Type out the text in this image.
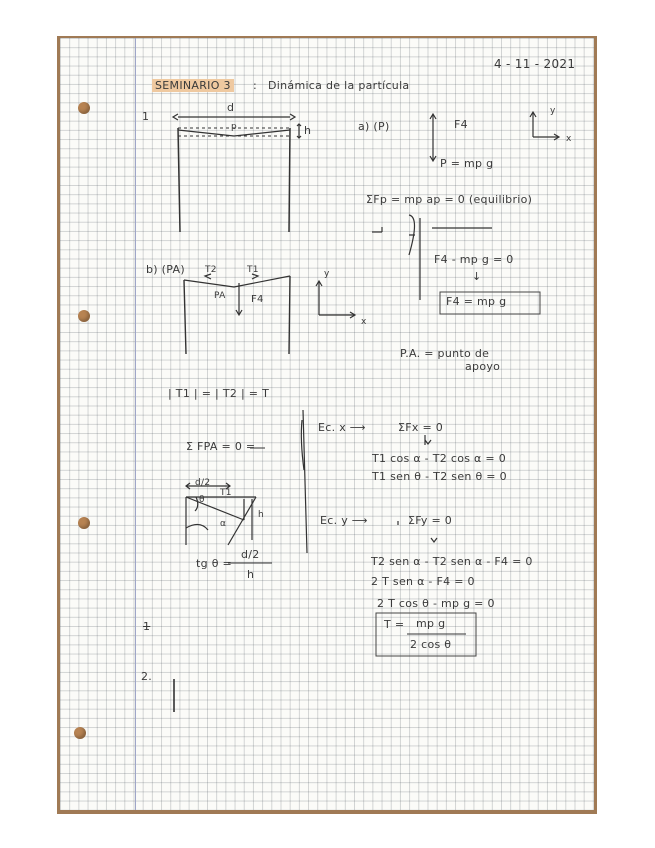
4 - 11 - 2021
SEMINARIO 3 : Dinámica de la partícula
1
d
h
p	a) (P)	F4
y
x
P = mp g
ΣFp = mp ap = 0 (equilibrio)
F4 - mp g = 0
↓
F4 = mp g
b) (PA) T2	T1
PA	F4
y
x
P.A. = punto de
apoyo
| T1 | = | T2 | = T
Σ FPA = 0 =
d/2
θ
T1
α
h
tg θ =
d/2
h
Ec. x ⟶	ΣFx = 0
T1 cos α - T2 cos α = 0
T1 sen θ - T2 sen θ = 0
Ec. y ⟶	ΣFy = 0
T2 sen α - T2 sen α - F4 = 0
2 T sen α - F4 = 0
2 T cos θ - mp g = 0
T = mp g
2 cos θ
1
2.
